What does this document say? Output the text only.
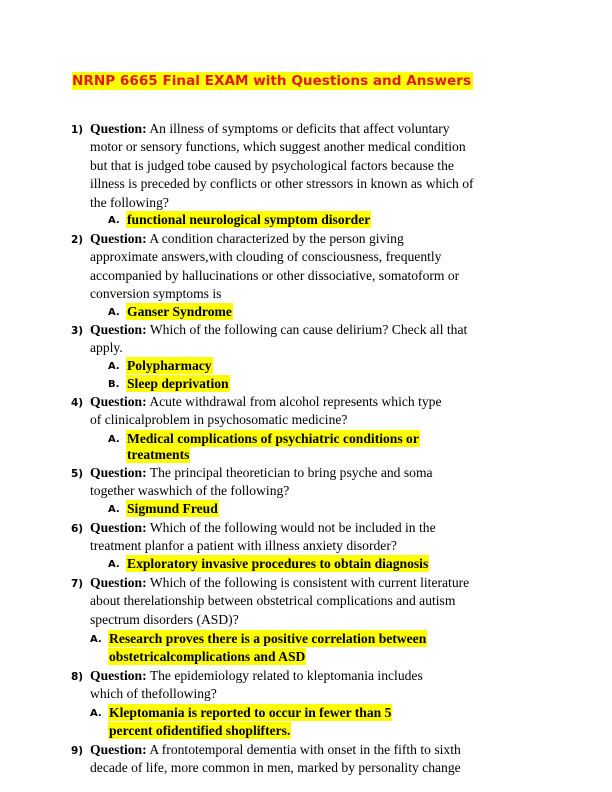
NRNP 6665 Final EXAM with Questions and Answers
1) Question: An illness of symptoms or deficits that affect voluntary
motor or sensory functions, which suggest another medical condition
but that is judged tobe caused by psychological factors because the
illness is preceded by conflicts or other stressors in known as which of
the following?
A. functional neurological symptom disorder
2) Question: A condition characterized by the person giving
approximate answers,with clouding of consciousness, frequently
accompanied by hallucinations or other dissociative, somatoform or
conversion symptoms is
A. Ganser Syndrome
3) Question: Which of the following can cause delirium? Check all that
apply.
A. Polypharmacy
B. Sleep deprivation
4) Question: Acute withdrawal from alcohol represents which type
of clinicalproblem in psychosomatic medicine?
A. Medical complications of psychiatric conditions or
treatments
5) Question: The principal theoretician to bring psyche and soma
together waswhich of the following?
A. Sigmund Freud
6) Question: Which of the following would not be included in the
treatment planfor a patient with illness anxiety disorder?
A. Exploratory invasive procedures to obtain diagnosis
7) Question: Which of the following is consistent with current literature
about therelationship between obstetrical complications and autism
spectrum disorders (ASD)?
A. Research proves there is a positive correlation between
obstetricalcomplications and ASD
8) Question: The epidemiology related to kleptomania includes
which of thefollowing?
A. Kleptomania is reported to occur in fewer than 5
percent ofidentified shoplifters.
9) Question: A frontotemporal dementia with onset in the fifth to sixth
decade of life, more common in men, marked by personality change
